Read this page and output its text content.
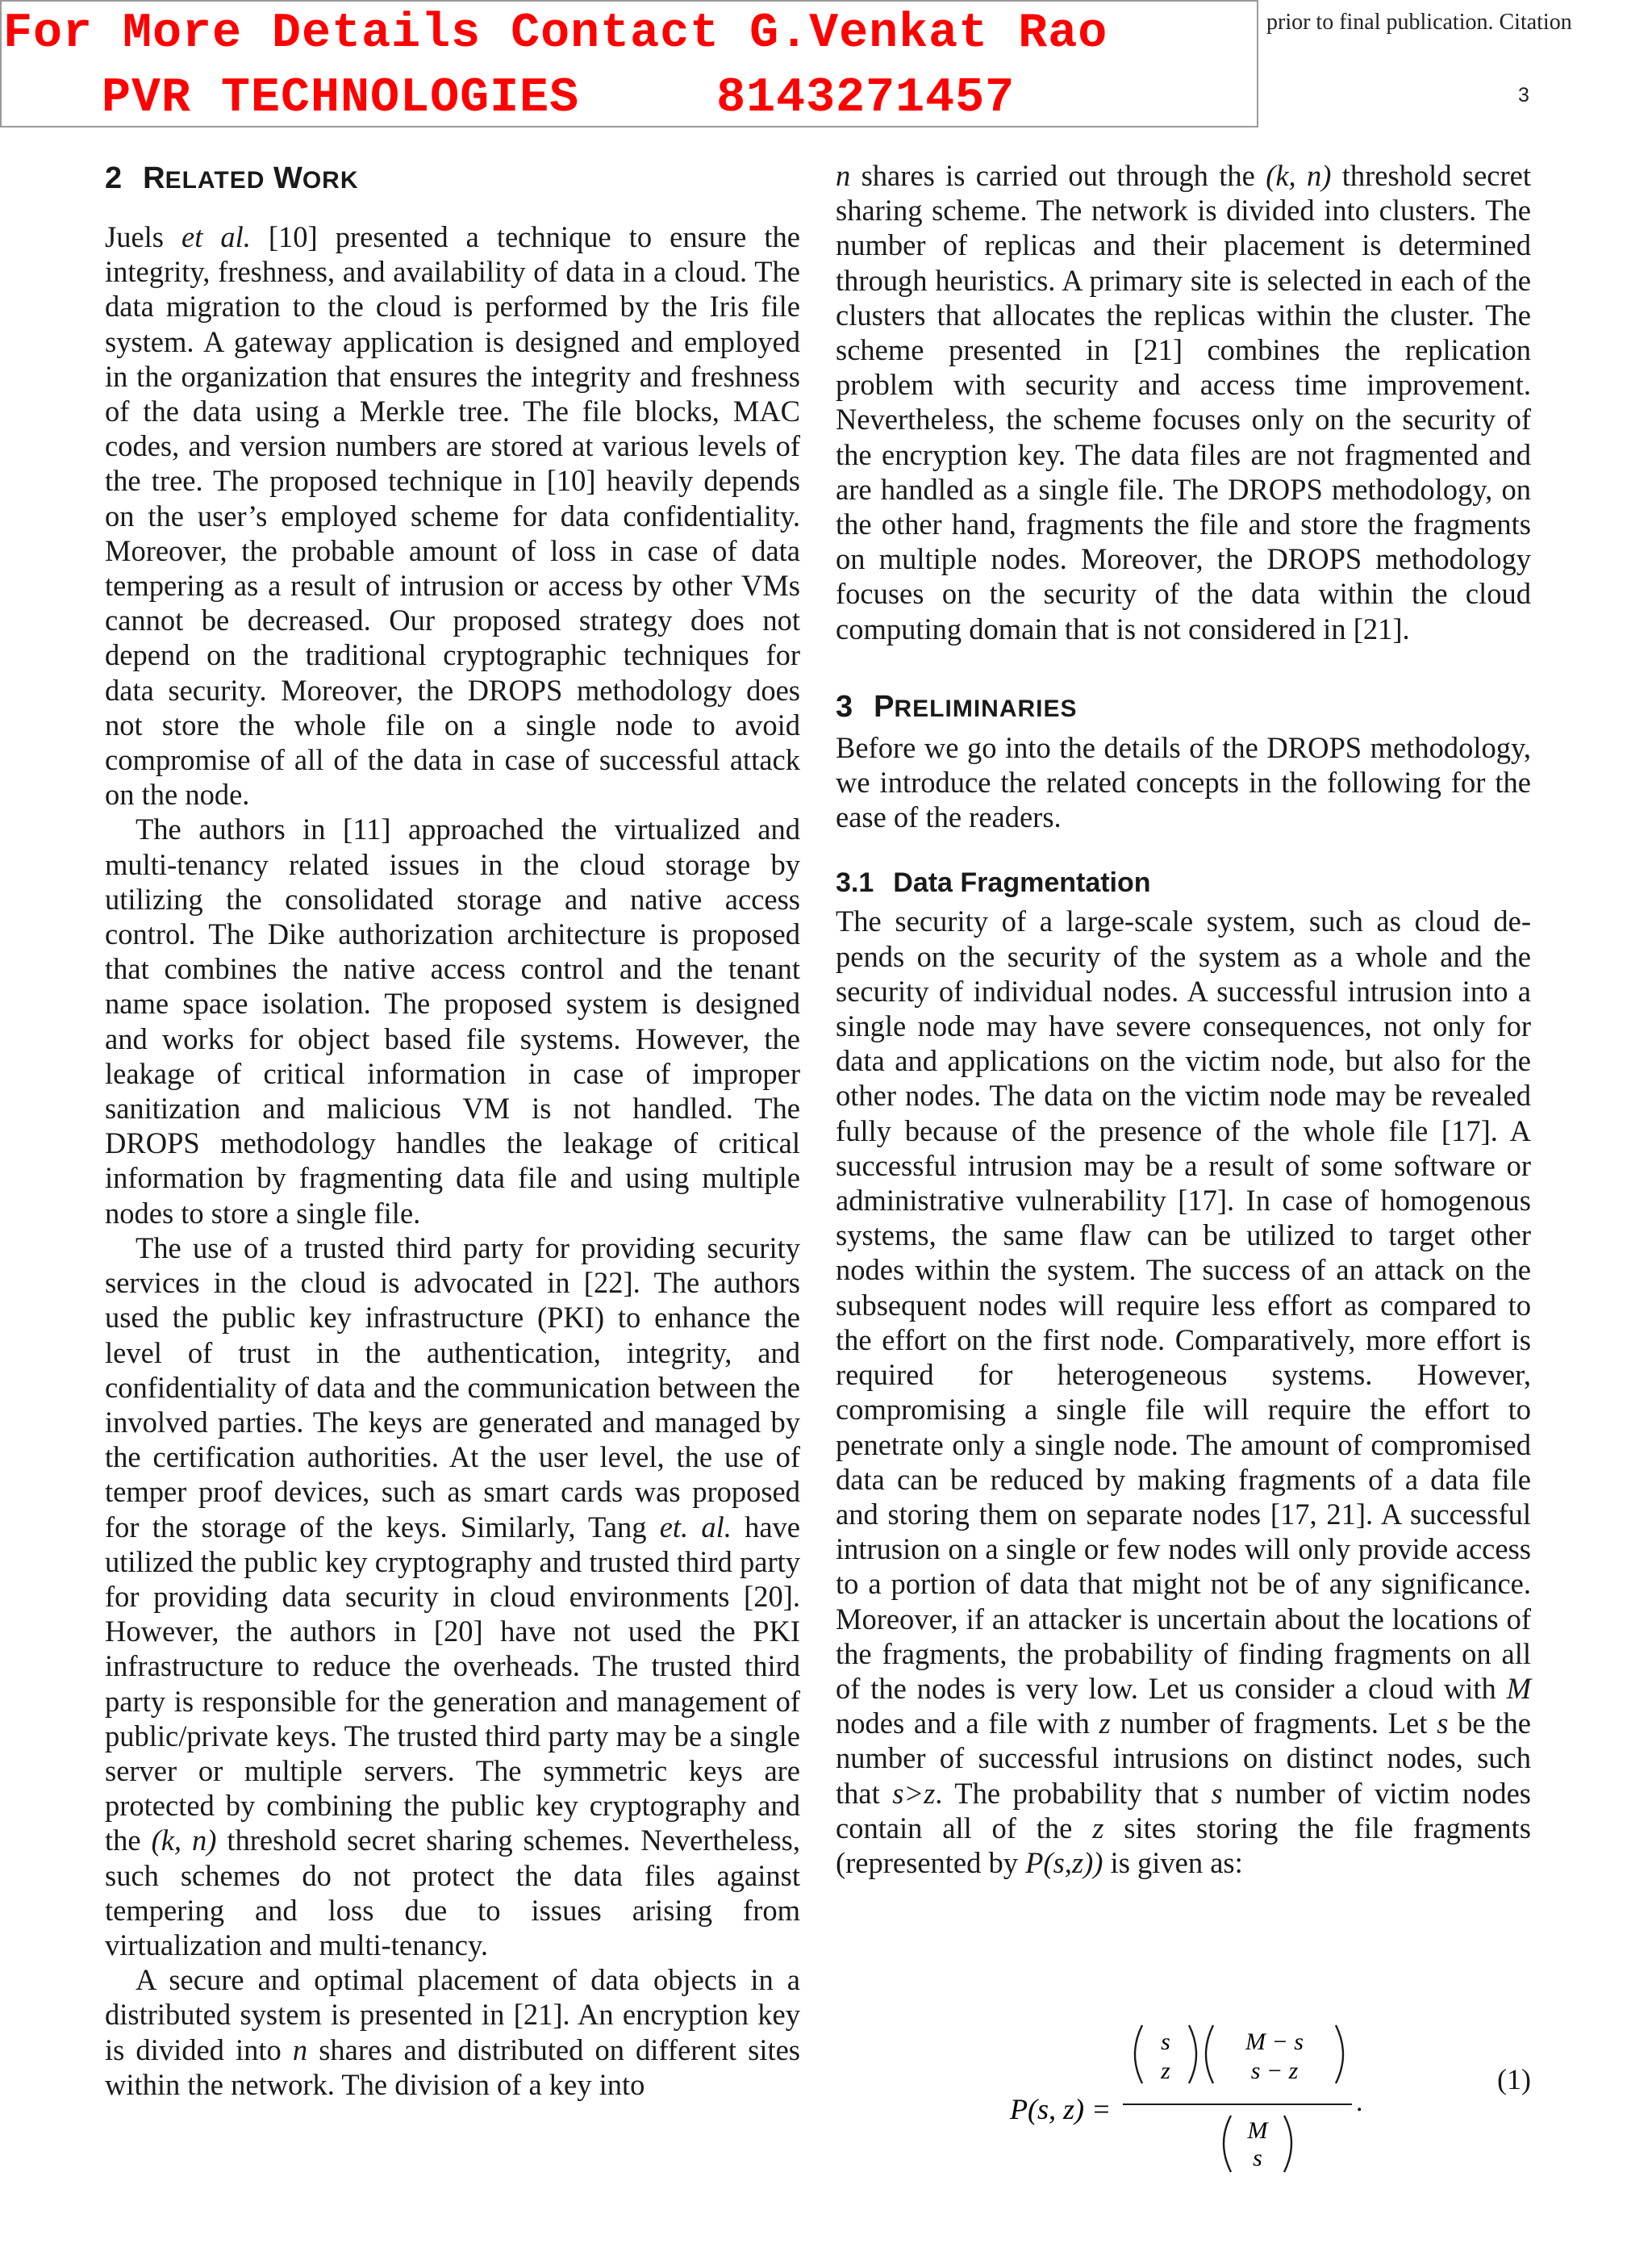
For More Details Contact G.Venkat Rao
PVR TECHNOLOGIES	8143271457
prior to final publication. Citation
3
2 RELATED WORK

Juels et al. [10] presented a technique to ensure the integrity, freshness, and availability of data in a cloud. The data migration to the cloud is performed by the Iris file system. A gateway application is designed and employed in the organization that ensures the integrity and freshness of the data using a Merkle tree. The file blocks, MAC codes, and version numbers are stored at various levels of the tree. The proposed technique in [10] heavily depends on the user’s employed scheme for data confidentiality. Moreover, the probable amount of loss in case of data tempering as a result of intrusion or access by other VMs cannot be decreased. Our proposed strategy does not depend on the traditional cryptographic techniques for data security. Moreover, the DROPS methodology does not store the whole file on a single node to avoid compromise of all of the data in case of successful attack on the node.

The authors in [11] approached the virtualized and multi-tenancy related issues in the cloud storage by utilizing the consolidated storage and native access control. The Dike authorization architecture is proposed that combines the native access control and the tenant name space isolation. The proposed system is designed and works for object based file systems. However, the leakage of critical information in case of improper sanitization and malicious VM is not handled. The DROPS methodology handles the leakage of critical information by fragmenting data file and using multiple nodes to store a single file.

The use of a trusted third party for providing security services in the cloud is advocated in [22]. The authors used the public key infrastructure (PKI) to enhance the level of trust in the authentication, integrity, and confidentiality of data and the communication between the involved parties. The keys are generated and managed by the certification authorities. At the user level, the use of temper proof devices, such as smart cards was proposed for the storage of the keys. Similarly, Tang et. al. have utilized the public key cryptography and trusted third party for providing data security in cloud environments [20]. However, the authors in [20] have not used the PKI infrastructure to reduce the overheads. The trusted third party is responsible for the generation and management of public/private keys. The trusted third party may be a single server or multiple servers. The symmetric keys are protected by combining the public key cryptography and the (k, n) threshold secret sharing schemes. Nevertheless, such schemes do not protect the data files against tempering and loss due to issues arising from virtualization and multi-tenancy.

A secure and optimal placement of data objects in a distributed system is presented in [21]. An encryption key is divided into n shares and distributed on different sites within the network. The division of a key into

n shares is carried out through the (k, n) threshold secret sharing scheme. The network is divided into clusters. The number of replicas and their placement is determined through heuristics. A primary site is selected in each of the clusters that allocates the replicas within the cluster. The scheme presented in [21] combines the replication problem with security and access time improvement. Nevertheless, the scheme focuses only on the security of the encryption key. The data files are not fragmented and are handled as a single file. The DROPS methodology, on the other hand, fragments the file and store the fragments on multiple nodes. Moreover, the DROPS methodology focuses on the security of the data within the cloud computing domain that is not considered in [21].

3 PRELIMINARIES

Before we go into the details of the DROPS methodology, we introduce the related concepts in the following for the ease of the readers.

3.1 Data Fragmentation

The security of a large-scale system, such as cloud depends on the security of the system as a whole and the security of individual nodes. A successful intrusion into a single node may have severe consequences, not only for data and applications on the victim node, but also for the other nodes. The data on the victim node may be revealed fully because of the presence of the whole file [17]. A successful intrusion may be a result of some software or administrative vulnerability [17]. In case of homogenous systems, the same flaw can be utilized to target other nodes within the system. The success of an attack on the subsequent nodes will require less effort as compared to the effort on the first node. Comparatively, more effort is required for heterogeneous systems. However, compromising a single file will require the effort to penetrate only a single node. The amount of compromised data can be reduced by making fragments of a data file and storing them on separate nodes [17, 21]. A successful intrusion on a single or few nodes will only provide access to a portion of data that might not be of any significance. Moreover, if an attacker is uncertain about the locations of the fragments, the probability of finding fragments on all of the nodes is very low. Let us consider a cloud with M nodes and a file with z number of fragments. Let s be the number of successful intrusions on distinct nodes, such that s>z. The probability that s number of victim nodes contain all of the z sites storing the file fragments (represented by P(s,z)) is given as:

P(s, z) =
s
z
M − s
s − z
.
M
s
(1)
